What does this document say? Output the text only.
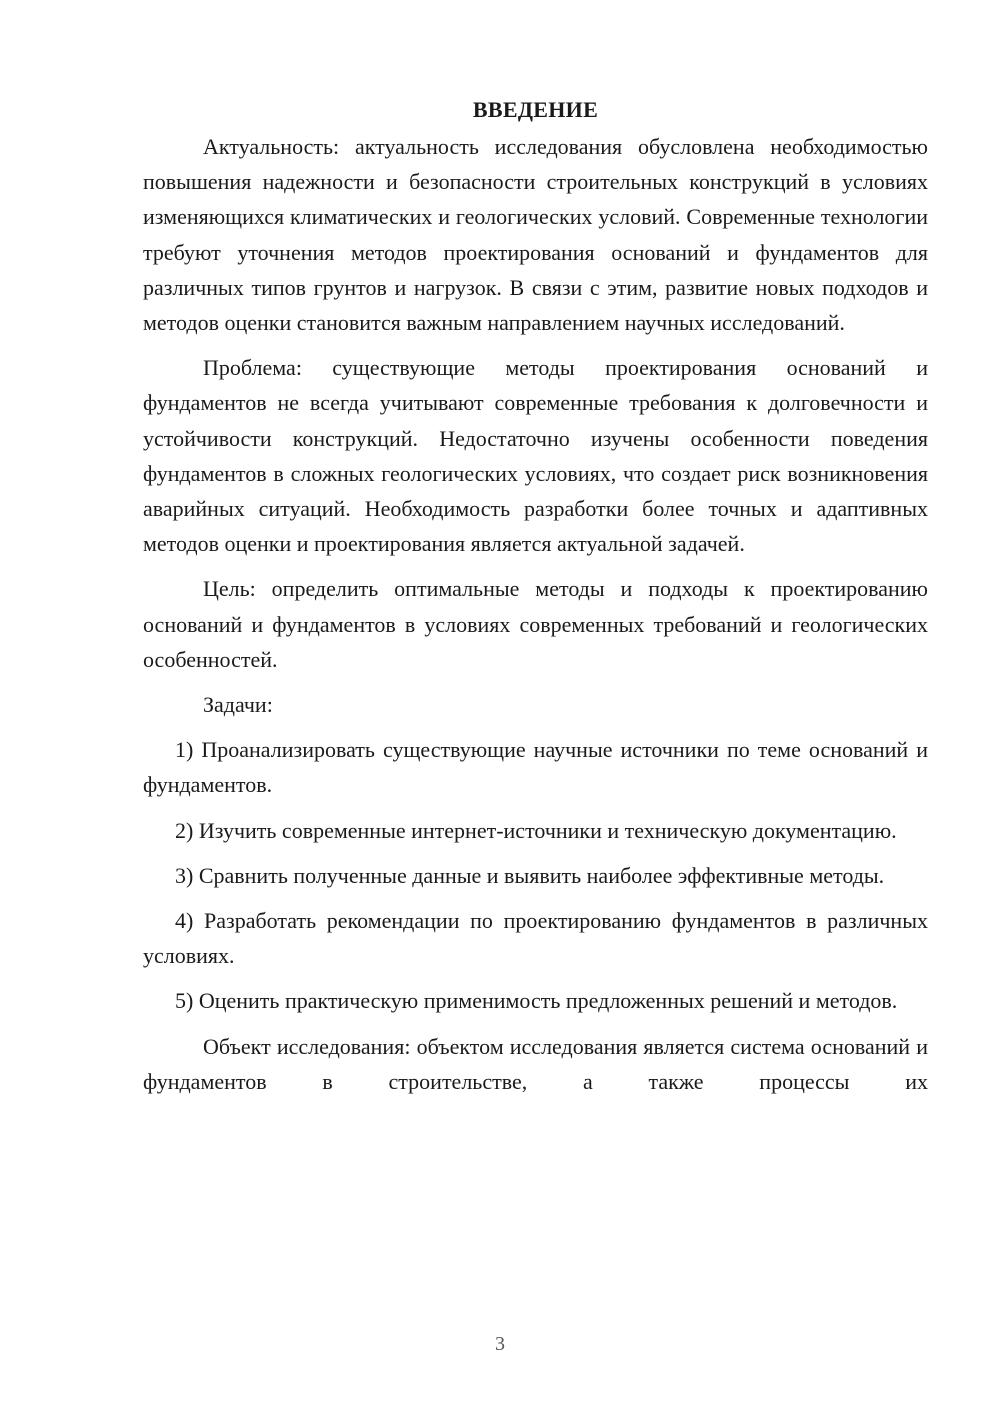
ВВЕДЕНИЕ

Актуальность: актуальность исследования обусловлена необходимостью повышения надежности и безопасности строительных конструкций в условиях изменяющихся климатических и геологических условий. Современные технологии требуют уточнения методов проектирования оснований и фундаментов для различных типов грунтов и нагрузок. В связи с этим, развитие новых подходов и методов оценки становится важным направлением научных исследований.

Проблема: существующие методы проектирования оснований и фундаментов не всегда учитывают современные требования к долговечности и устойчивости конструкций. Недостаточно изучены особенности поведения фундаментов в сложных геологических условиях, что создает риск возникновения аварийных ситуаций. Необходимость разработки более точных и адаптивных методов оценки и проектирования является актуальной задачей.

Цель: определить оптимальные методы и подходы к проектированию оснований и фундаментов в условиях современных требований и геологических особенностей.

Задачи:

1) Проанализировать существующие научные источники по теме оснований и фундаментов.

2) Изучить современные интернет-источники и техническую документацию.

3) Сравнить полученные данные и выявить наиболее эффективные методы.

4) Разработать рекомендации по проектированию фундаментов в различных условиях.

5) Оценить практическую применимость предложенных решений и методов.

Объект исследования: объектом исследования является система оснований и фундаментов в строительстве, а также процессы их

3
